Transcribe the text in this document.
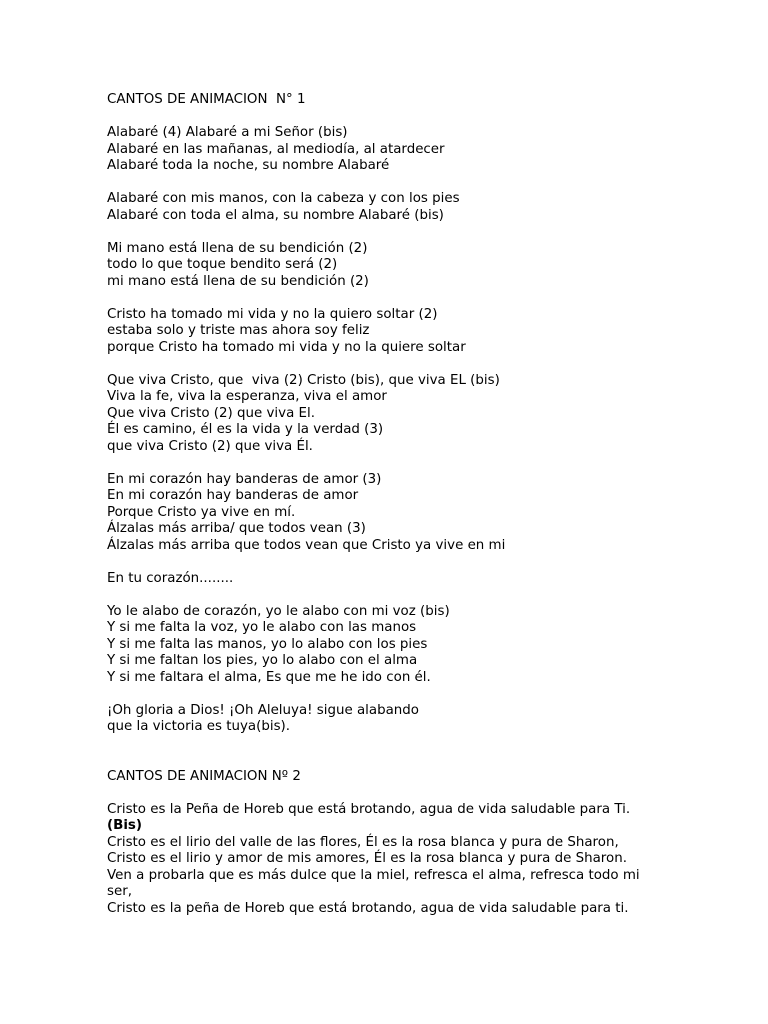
CANTOS DE ANIMACION  N° 1
Alabaré (4) Alabaré a mi Señor (bis)
Alabaré en las mañanas, al mediodía, al atardecer
Alabaré toda la noche, su nombre Alabaré
Alabaré con mis manos, con la cabeza y con los pies
Alabaré con toda el alma, su nombre Alabaré (bis)
Mi mano está llena de su bendición (2)
todo lo que toque bendito será (2)
mi mano está llena de su bendición (2)
Cristo ha tomado mi vida y no la quiero soltar (2)
estaba solo y triste mas ahora soy feliz
porque Cristo ha tomado mi vida y no la quiere soltar
Que viva Cristo, que  viva (2) Cristo (bis), que viva EL (bis)
Viva la fe, viva la esperanza, viva el amor
Que viva Cristo (2) que viva El.
Él es camino, él es la vida y la verdad (3)
que viva Cristo (2) que viva Él.
En mi corazón hay banderas de amor (3)
En mi corazón hay banderas de amor
Porque Cristo ya vive en mí.
Álzalas más arriba/ que todos vean (3)
Álzalas más arriba que todos vean que Cristo ya vive en mi
En tu corazón........
Yo le alabo de corazón, yo le alabo con mi voz (bis)
Y si me falta la voz, yo le alabo con las manos
Y si me falta las manos, yo lo alabo con los pies
Y si me faltan los pies, yo lo alabo con el alma
Y si me faltara el alma, Es que me he ido con él.
¡Oh gloria a Dios! ¡Oh Aleluya! sigue alabando
que la victoria es tuya(bis).
CANTOS DE ANIMACION Nº 2
Cristo es la Peña de Horeb que está brotando, agua de vida saludable para Ti.
(Bis)
Cristo es el lirio del valle de las flores, Él es la rosa blanca y pura de Sharon,
Cristo es el lirio y amor de mis amores, Él es la rosa blanca y pura de Sharon.
Ven a probarla que es más dulce que la miel, refresca el alma, refresca todo mi
ser,
Cristo es la peña de Horeb que está brotando, agua de vida saludable para ti.
